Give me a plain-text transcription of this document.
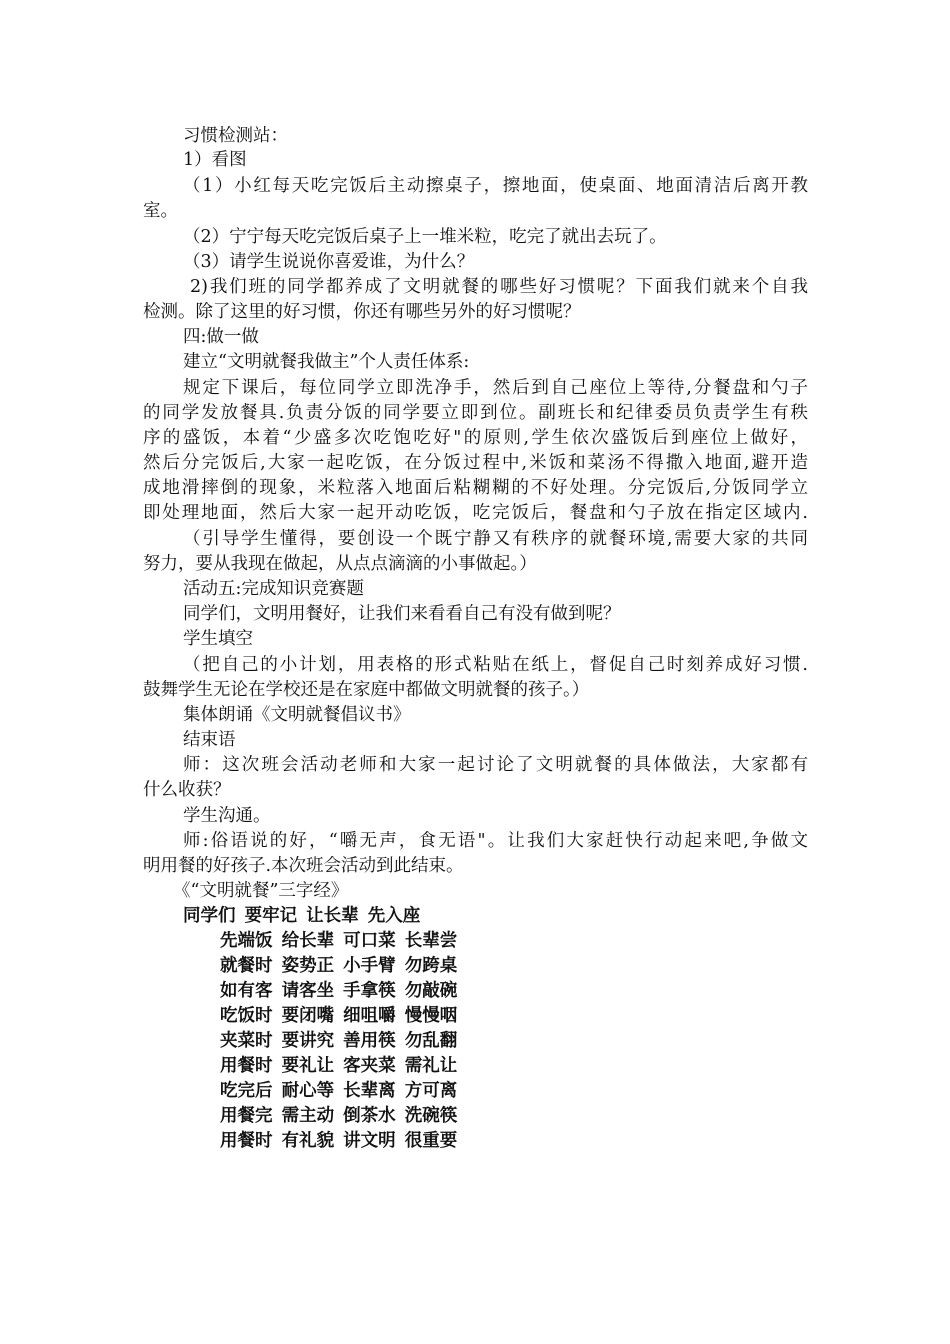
习惯检测站：
1）看图
（1）小红每天吃完饭后主动擦桌子，擦地面，使桌面、地面清洁后离开教
室。
（2）宁宁每天吃完饭后桌子上一堆米粒，吃完了就出去玩了。
（3）请学生说说你喜爱谁，为什么？
2)我们班的同学都养成了文明就餐的哪些好习惯呢？下面我们就来个自我
检测。除了这里的好习惯，你还有哪些另外的好习惯呢？
四:做一做
建立“文明就餐我做主”个人责任体系:
规定下课后，每位同学立即洗净手，然后到自己座位上等待,分餐盘和勺子
的同学发放餐具.负责分饭的同学要立即到位。副班长和纪律委员负责学生有秩
序的盛饭，本着“少盛多次吃饱吃好"的原则,学生依次盛饭后到座位上做好，
然后分完饭后,大家一起吃饭，在分饭过程中,米饭和菜汤不得撒入地面,避开造
成地滑摔倒的现象，米粒落入地面后粘糊糊的不好处理。分完饭后,分饭同学立
即处理地面，然后大家一起开动吃饭，吃完饭后，餐盘和勺子放在指定区域内.
（引导学生懂得，要创设一个既宁静又有秩序的就餐环境,需要大家的共同
努力，要从我现在做起，从点点滴滴的小事做起。）
活动五:完成知识竞赛题
同学们，文明用餐好，让我们来看看自己有没有做到呢？
学生填空
（把自己的小计划，用表格的形式粘贴在纸上，督促自己时刻养成好习惯.
鼓舞学生无论在学校还是在家庭中都做文明就餐的孩子。）
集体朗诵《文明就餐倡议书》
结束语
师：这次班会活动老师和大家一起讨论了文明就餐的具体做法，大家都有
什么收获？
学生沟通。
师:俗语说的好，“嚼无声，食无语"。让我们大家赶快行动起来吧,争做文
明用餐的好孩子.本次班会活动到此结束。
《“文明就餐”三字经》
同学们 要牢记 让长辈 先入座
先端饭 给长辈 可口菜 长辈尝
就餐时 姿势正 小手臂 勿跨桌
如有客 请客坐 手拿筷 勿敲碗
吃饭时 要闭嘴 细咀嚼 慢慢咽
夹菜时 要讲究 善用筷 勿乱翻
用餐时 要礼让 客夹菜 需礼让
吃完后 耐心等 长辈离 方可离
用餐完 需主动 倒茶水 洗碗筷
用餐时 有礼貌 讲文明 很重要
